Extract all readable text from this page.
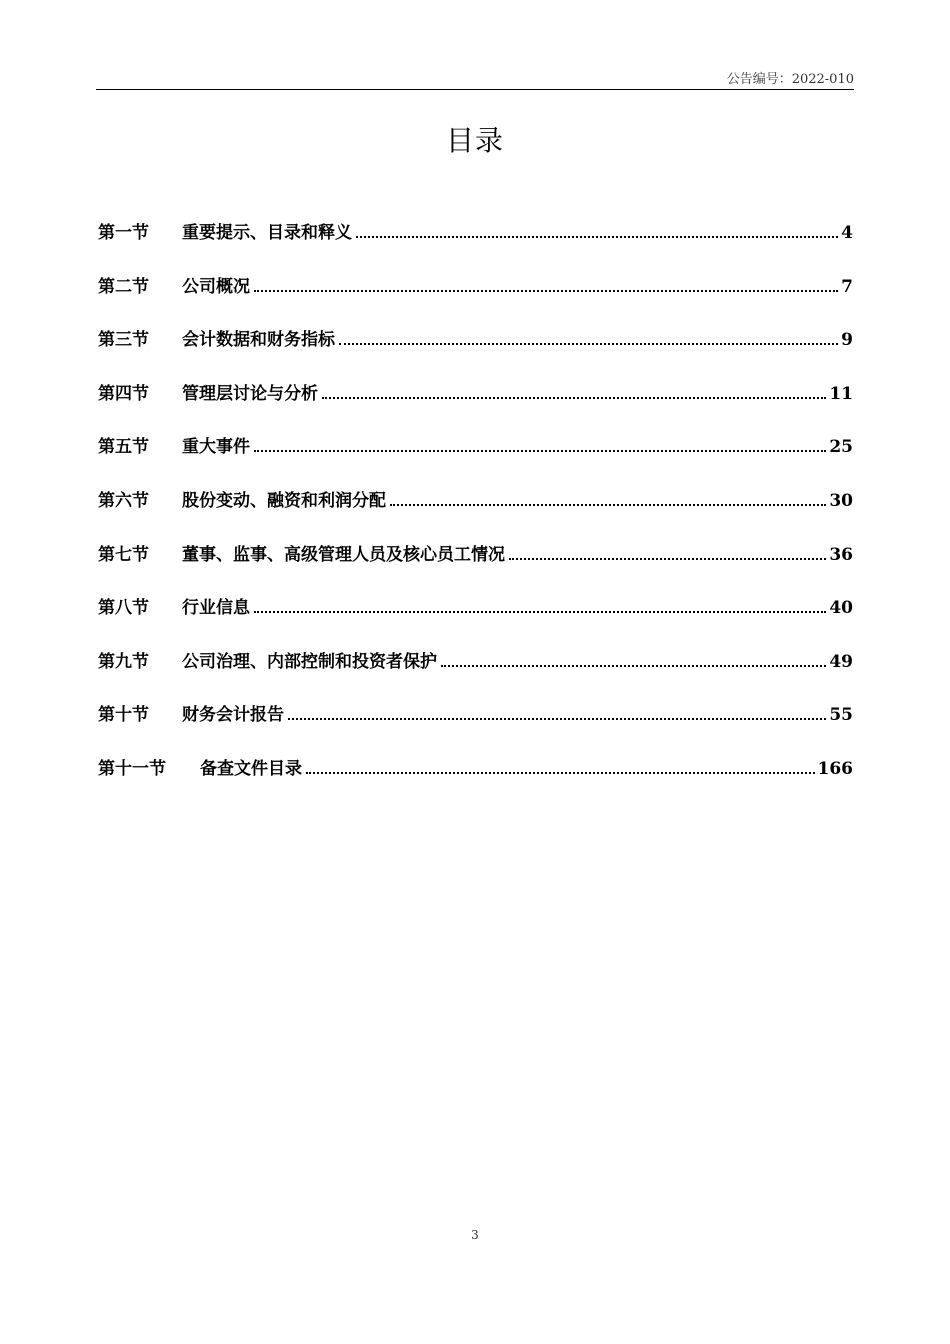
公告编号：2022-010
目录
第一节	重要提示、目录和释义	4
第二节	公司概况	7
第三节	会计数据和财务指标	9
第四节	管理层讨论与分析	11
第五节	重大事件	25
第六节	股份变动、融资和利润分配	30
第七节	董事、监事、高级管理人员及核心员工情况	36
第八节	行业信息	40
第九节	公司治理、内部控制和投资者保护	49
第十节	财务会计报告	55
第十一节	备查文件目录	166
3
